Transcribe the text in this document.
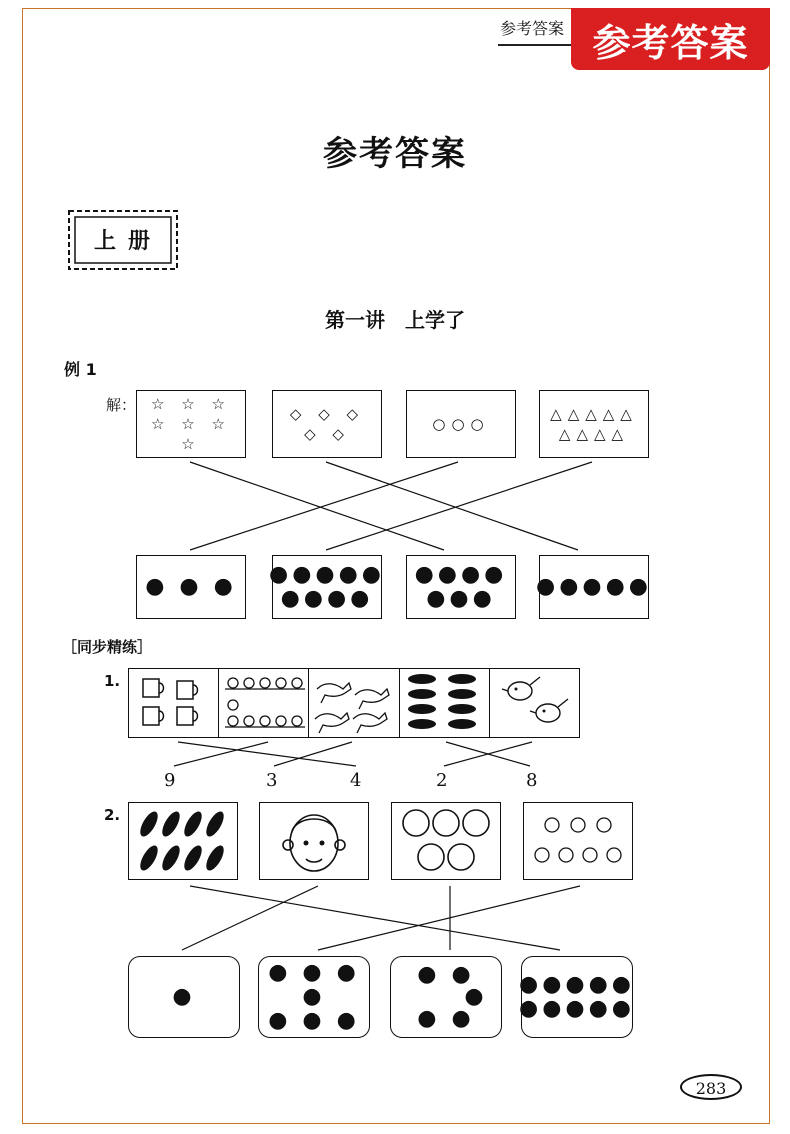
参考答案 参考答案
参考答案
上册
第一讲　上学了
例 1
解： ☆ ☆ ☆
☆ ☆ ☆ ☆
◇ ◇ ◇
◇ ◇
○○○
△△△△△
△△△△
● ● ● ●●●●●
●●●●
●●●●
●●● ●●●●●
［同步精练］
1.
9	3	4	2	8
2.
●
● ● ● ●
● ● ●
● ●
●
● ●
●●●●●
●●●●●
283
